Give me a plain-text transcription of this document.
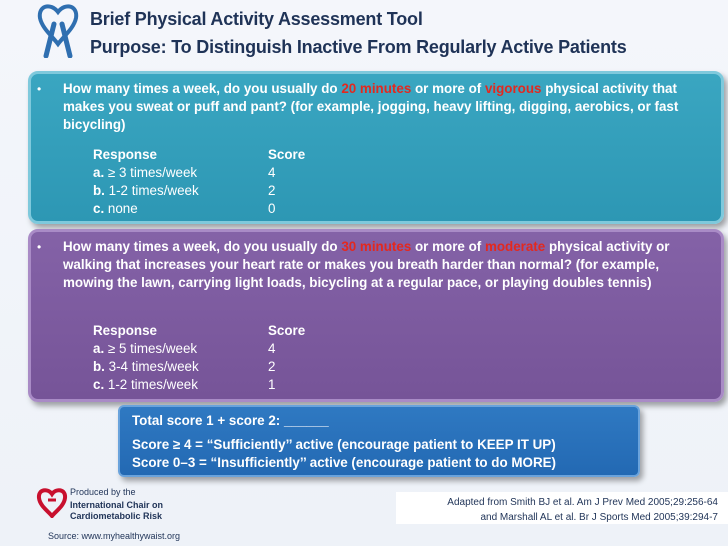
Brief Physical Activity Assessment Tool
Purpose: To Distinguish Inactive From Regularly Active Patients
• How many times a week, do you usually do 20 minutes or more of vigorous physical activity that makes you sweat or puff and pant? (for example, jogging, heavy lifting, digging, aerobics, or fast bicycling)
Response	Score
a. ≥ 3 times/week	4
b. 1-2 times/week	2
c. none	0
• How many times a week, do you usually do 30 minutes or more of moderate physical activity or walking that increases your heart rate or makes you breath harder than normal? (for example, mowing the lawn, carrying light loads, bicycling at a regular pace, or playing doubles tennis)
Response	Score
a. ≥ 5 times/week	4
b. 3-4 times/week	2
c. 1-2 times/week	1
Total score 1 + score 2: ______
Score ≥ 4 = “Sufficiently’’ active (encourage patient to KEEP IT UP)
Score 0–3 = “Insufficiently’’ active (encourage patient to do MORE)
Produced by the
International Chair on
Cardiometabolic Risk
Adapted from Smith BJ et al. Am J Prev Med 2005;29:256-64
and Marshall AL et al. Br J Sports Med 2005;39:294-7
Source: www.myhealthywaist.org
